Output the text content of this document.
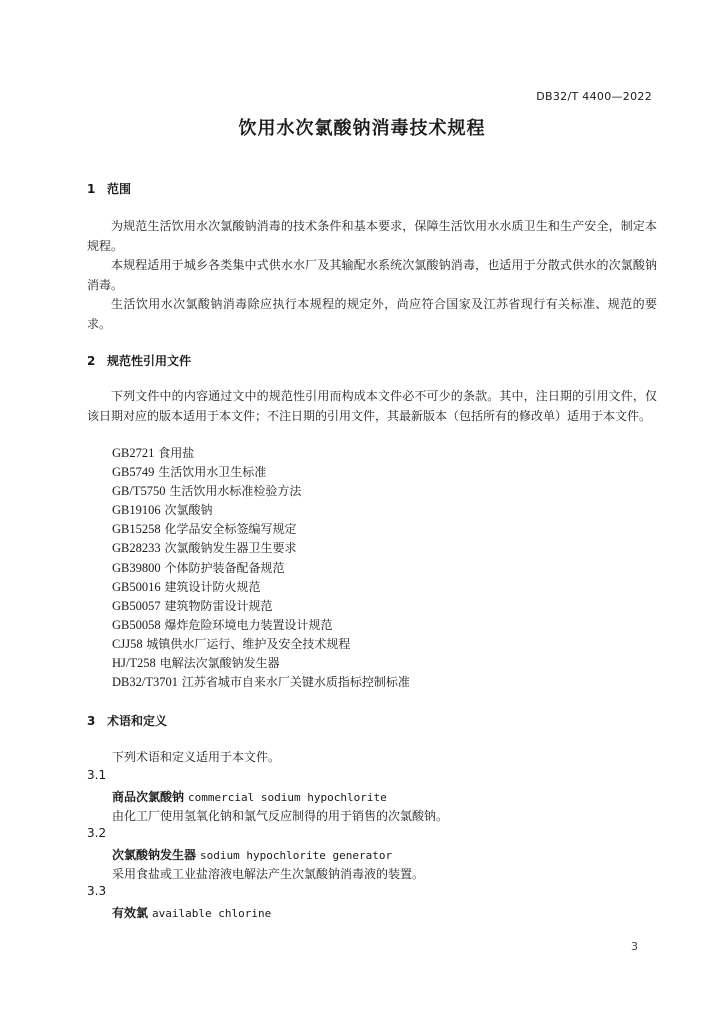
DB32/T 4400—2022
饮用水次氯酸钠消毒技术规程
1 范围
为规范生活饮用水次氯酸钠消毒的技术条件和基本要求，保障生活饮用水水质卫生和生产安全，制定本规程。
本规程适用于城乡各类集中式供水水厂及其输配水系统次氯酸钠消毒，也适用于分散式供水的次氯酸钠消毒。
生活饮用水次氯酸钠消毒除应执行本规程的规定外，尚应符合国家及江苏省现行有关标准、规范的要求。
2 规范性引用文件
下列文件中的内容通过文中的规范性引用而构成本文件必不可少的条款。其中，注日期的引用文件，仅该日期对应的版本适用于本文件；不注日期的引用文件，其最新版本（包括所有的修改单）适用于本文件。
GB2721 食用盐
GB5749 生活饮用水卫生标准
GB/T5750 生活饮用水标准检验方法
GB19106 次氯酸钠
GB15258 化学品安全标签编写规定
GB28233 次氯酸钠发生器卫生要求
GB39800 个体防护装备配备规范
GB50016 建筑设计防火规范
GB50057 建筑物防雷设计规范
GB50058 爆炸危险环境电力装置设计规范
CJJ58 城镇供水厂运行、维护及安全技术规程
HJ/T258 电解法次氯酸钠发生器
DB32/T3701 江苏省城市自来水厂关键水质指标控制标准
3 术语和定义
下列术语和定义适用于本文件。
3.1
商品次氯酸钠 commercial sodium hypochlorite
由化工厂使用氢氧化钠和氯气反应制得的用于销售的次氯酸钠。
3.2
次氯酸钠发生器 sodium hypochlorite generator
采用食盐或工业盐溶液电解法产生次氯酸钠消毒液的装置。
3.3
有效氯 available chlorine
3
